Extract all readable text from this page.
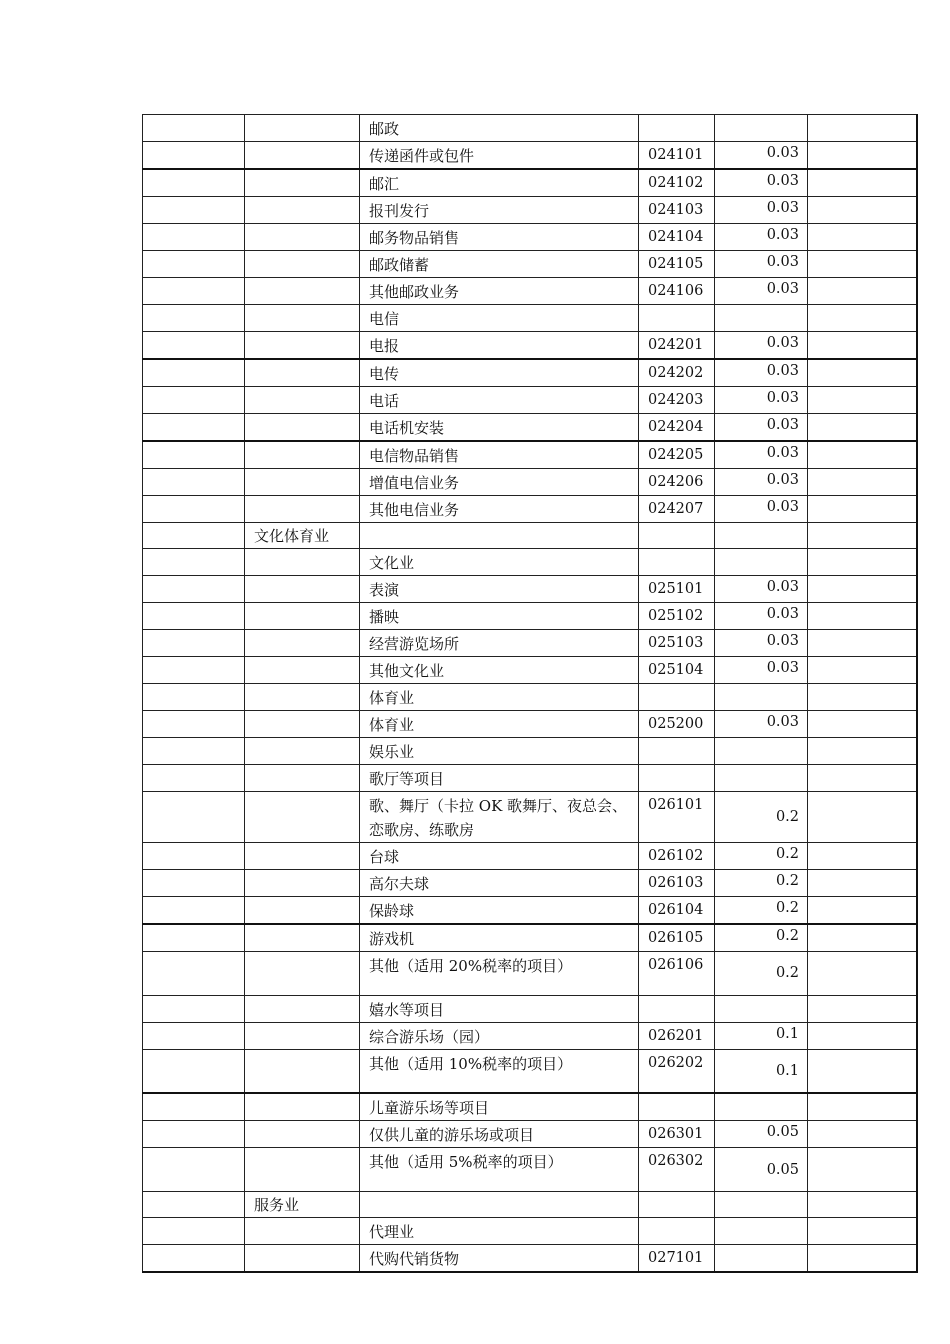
		邮政			
		传递函件或包件	024101	0.03	
		邮汇	024102	0.03	
		报刊发行	024103	0.03	
		邮务物品销售	024104	0.03	
		邮政储蓄	024105	0.03	
		其他邮政业务	024106	0.03	
		电信			
		电报	024201	0.03	
		电传	024202	0.03	
		电话	024203	0.03	
		电话机安装	024204	0.03	
		电信物品销售	024205	0.03	
		增值电信业务	024206	0.03	
		其他电信业务	024207	0.03	
	文化体育业				
		文化业			
		表演	025101	0.03	
		播映	025102	0.03	
		经营游览场所	025103	0.03	
		其他文化业	025104	0.03	
		体育业			
		体育业	025200	0.03	
		娱乐业			
		歌厅等项目			
		歌、舞厅（卡拉 OK 歌舞厅、夜总会、恋歌房、练歌房	026101	0.2	
		台球	026102	0.2	
		高尔夫球	026103	0.2	
		保龄球	026104	0.2	
		游戏机	026105	0.2	
		其他（适用 20%税率的项目）	026106	0.2	
		嬉水等项目			
		综合游乐场（园）	026201	0.1	
		其他（适用 10%税率的项目）	026202	0.1	
		儿童游乐场等项目			
		仅供儿童的游乐场或项目	026301	0.05	
		其他（适用 5%税率的项目）	026302	0.05	
	服务业				
		代理业			
		代购代销货物	027101		
